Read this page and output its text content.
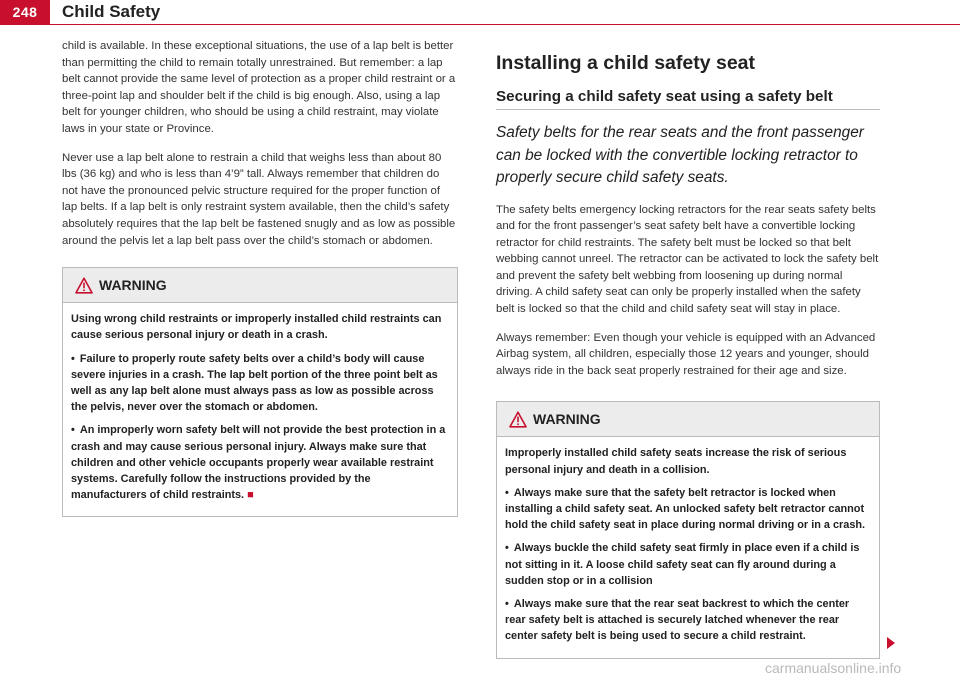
248	Child Safety

child is available. In these exceptional situations, the use of a lap belt is better than permitting the child to remain totally unrestrained. But remember: a lap belt cannot provide the same level of protection as a proper child restraint or a three-point lap and shoulder belt if the child is big enough. Also, using a lap belt for younger children, who should be using a child restraint, may violate laws in your state or Province.

Never use a lap belt alone to restrain a child that weighs less than about 80 lbs (36 kg) and who is less than 4’9” tall. Always remember that children do not have the pronounced pelvic structure required for the proper function of lap belts. If a lap belt is only restraint system available, then the child’s safety absolutely requires that the lap belt be fastened snugly and as low as possible around the pelvis let a lap belt pass over the child’s stomach or abdomen.

WARNING

Using wrong child restraints or improperly installed child restraints can cause serious personal injury or death in a crash.

• Failure to properly route safety belts over a child’s body will cause severe injuries in a crash. The lap belt portion of the three point belt as well as any lap belt alone must always pass as low as possible across the pelvis, never over the stomach or abdomen.

• An improperly worn safety belt will not provide the best protection in a crash and may cause serious personal injury. Always make sure that children and other vehicle occupants properly wear available restraint systems. Carefully follow the instructions provided by the manufacturers of child restraints. ■

Installing a child safety seat
Securing a child safety seat using a safety belt

Safety belts for the rear seats and the front passenger can be locked with the convertible locking retractor to properly secure child safety seats.

The safety belts emergency locking retractors for the rear seats safety belts and for the front passenger’s seat safety belt have a convertible locking retractor for child restraints. The safety belt must be locked so that belt webbing cannot unreel. The retractor can be activated to lock the safety belt and prevent the safety belt webbing from loosening up during normal driving. A child safety seat can only be properly installed when the safety belt is locked so that the child and child safety seat will stay in place.

Always remember: Even though your vehicle is equipped with an Advanced Airbag system, all children, especially those 12 years and younger, should always ride in the back seat properly restrained for their age and size.

WARNING

Improperly installed child safety seats increase the risk of serious personal injury and death in a collision.

• Always make sure that the safety belt retractor is locked when installing a child safety seat. An unlocked safety belt retractor cannot hold the child safety seat in place during normal driving or in a crash.

• Always buckle the child safety seat firmly in place even if a child is not sitting in it. A loose child safety seat can fly around during a sudden stop or in a collision

• Always make sure that the rear seat backrest to which the center rear safety belt is attached is securely latched whenever the rear center safety belt is being used to secure a child restraint.

carmanualsonline.info
